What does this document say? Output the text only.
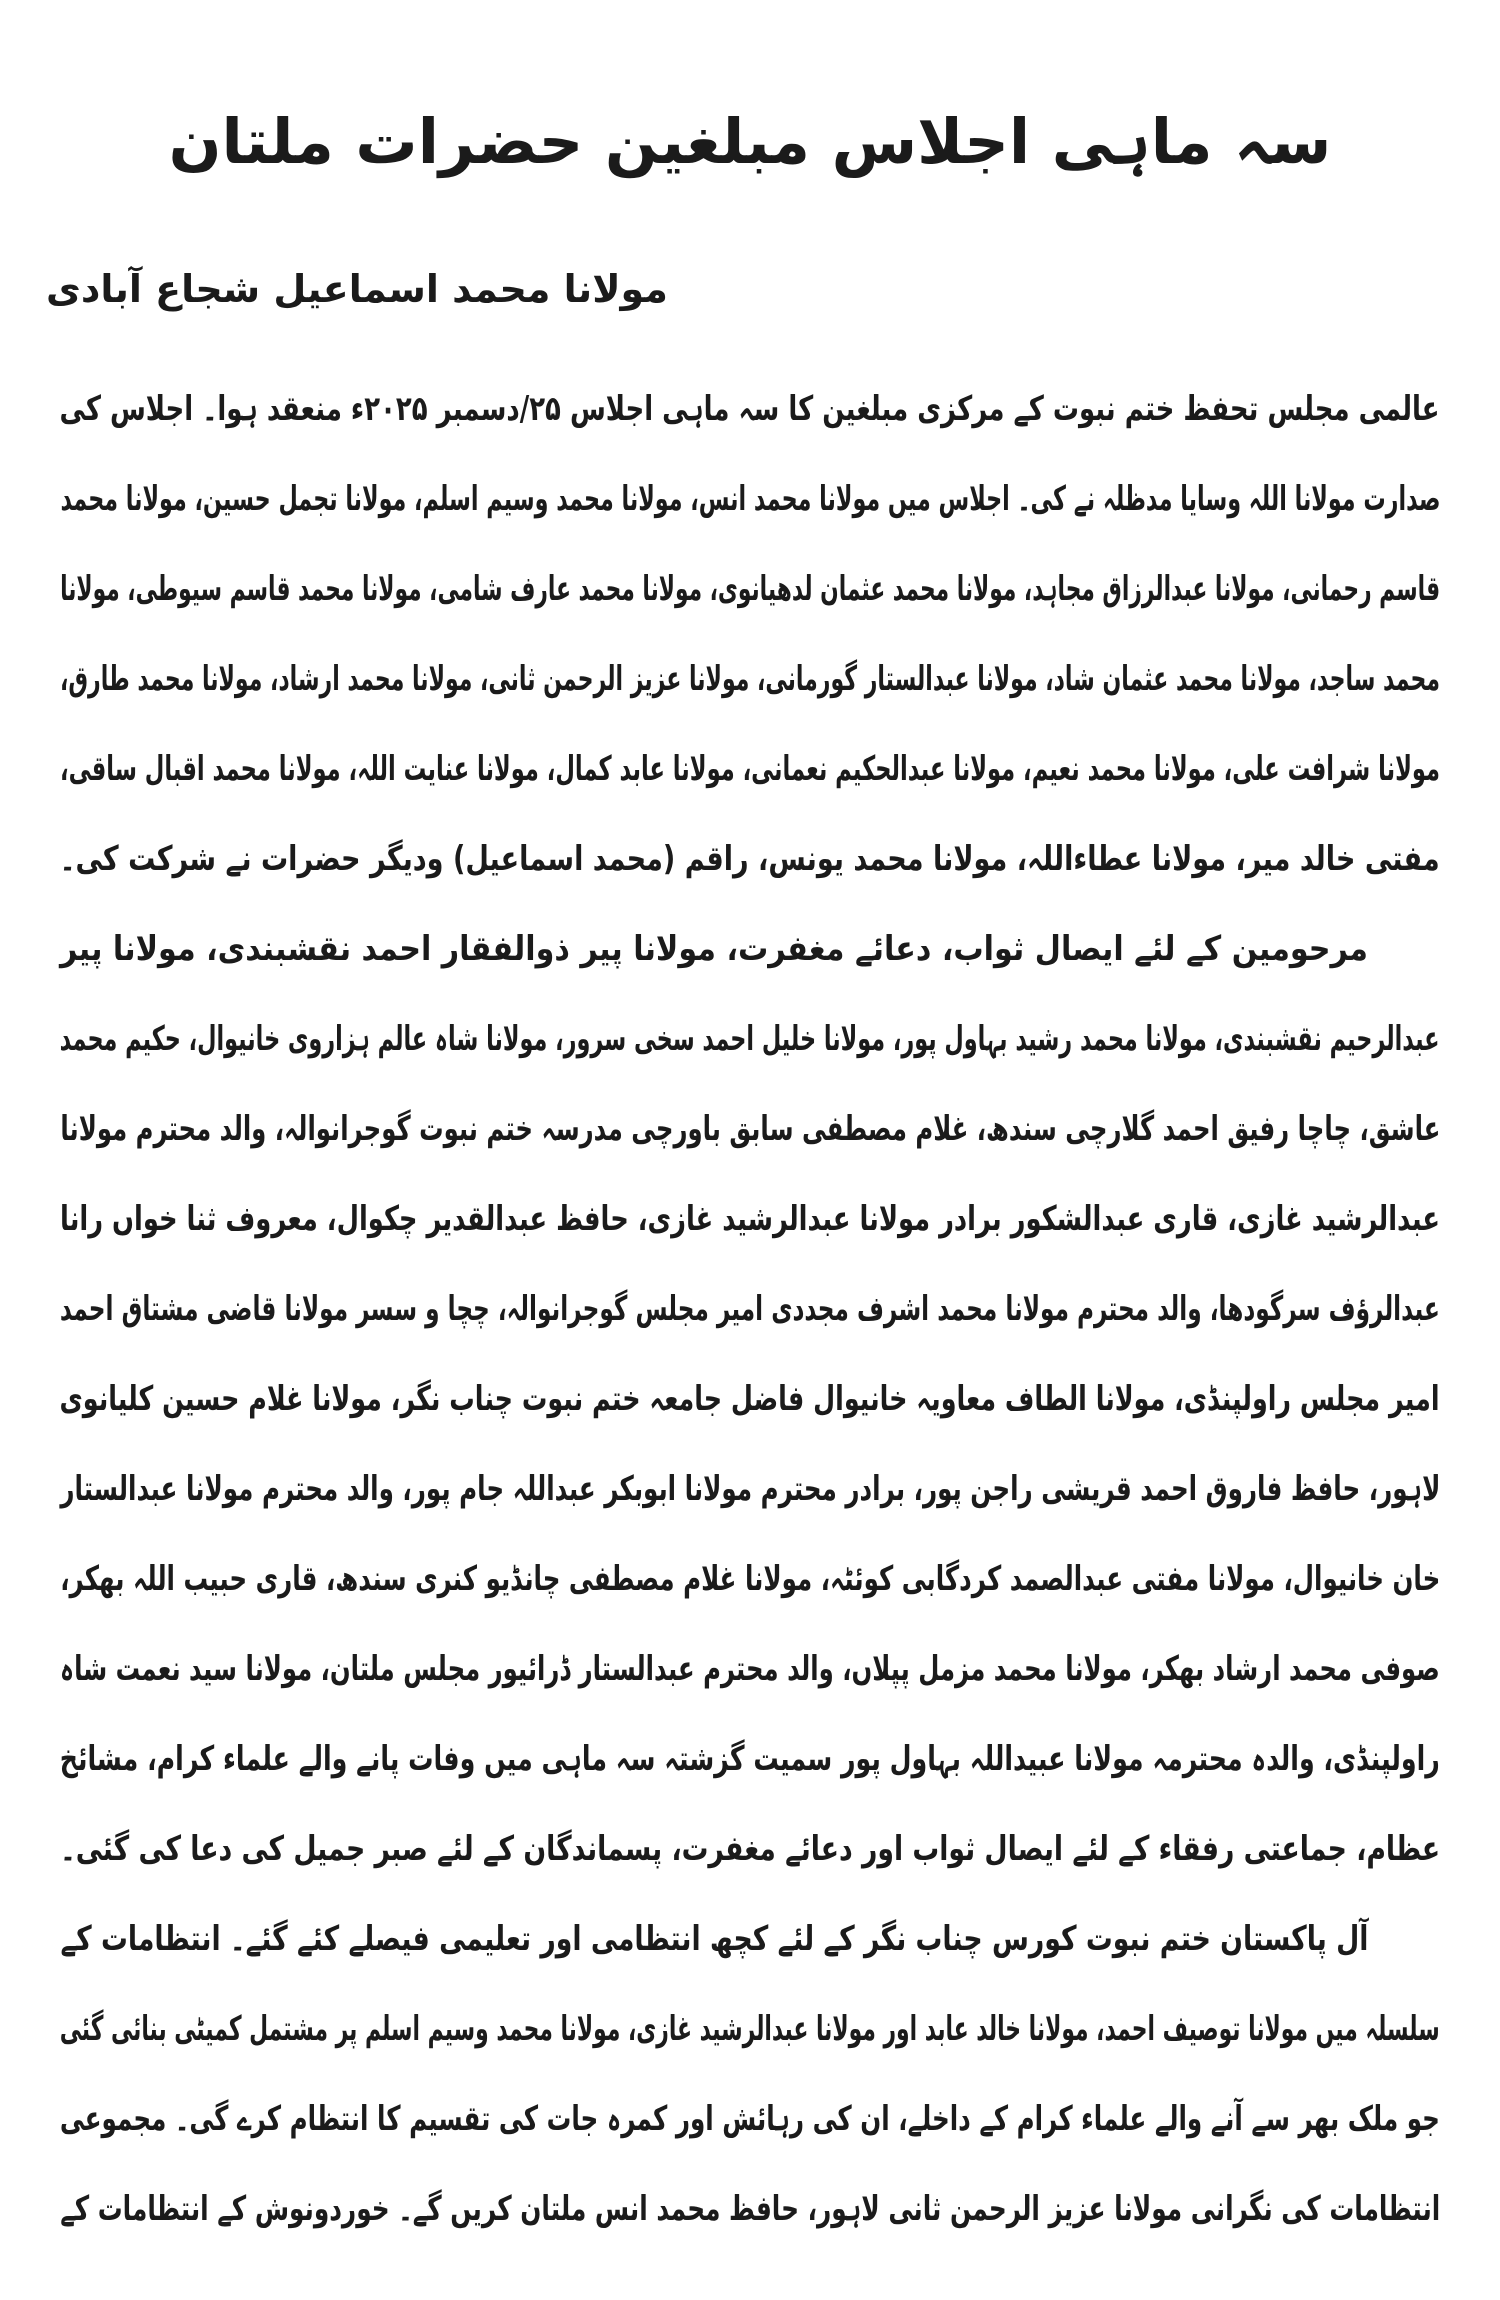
سہ ماہی اجلاس مبلغین حضرات ملتان
مولانا محمد اسماعیل شجاع آبادی
عالمی مجلس تحفظ ختم نبوت کے مرکزی مبلغین کا سہ ماہی اجلاس ۲۵/دسمبر ۲۰۲۵ء منعقد ہوا۔ اجلاس کی
صدارت مولانا اللہ وسایا مدظلہ نے کی۔ اجلاس میں مولانا محمد انس، مولانا محمد وسیم اسلم، مولانا تجمل حسین، مولانا محمد
قاسم رحمانی، مولانا عبدالرزاق مجاہد، مولانا محمد عثمان لدھیانوی، مولانا محمد عارف شامی، مولانا محمد قاسم سیوطی، مولانا
محمد ساجد، مولانا محمد عثمان شاد، مولانا عبدالستار گورمانی، مولانا عزیز الرحمن ثانی، مولانا محمد ارشاد، مولانا محمد طارق،
مولانا شرافت علی، مولانا محمد نعیم، مولانا عبدالحکیم نعمانی، مولانا عابد کمال، مولانا عنایت اللہ، مولانا محمد اقبال ساقی،
مفتی خالد میر، مولانا عطاءاللہ، مولانا محمد یونس، راقم (محمد اسماعیل) ودیگر حضرات نے شرکت کی۔
مرحومین کے لئے ایصال ثواب، دعائے مغفرت، مولانا پیر ذوالفقار احمد نقشبندی، مولانا پیر
عبدالرحیم نقشبندی، مولانا محمد رشید بہاول پور، مولانا خلیل احمد سخی سرور، مولانا شاہ عالم ہزاروی خانیوال، حکیم محمد
عاشق، چاچا رفیق احمد گلارچی سندھ، غلام مصطفی سابق باورچی مدرسہ ختم نبوت گوجرانوالہ، والد محترم مولانا
عبدالرشید غازی، قاری عبدالشکور برادر مولانا عبدالرشید غازی، حافظ عبدالقدیر چکوال، معروف ثنا خواں رانا
عبدالرؤف سرگودھا، والد محترم مولانا محمد اشرف مجددی امیر مجلس گوجرانوالہ، چچا و سسر مولانا قاضی مشتاق احمد
امیر مجلس راولپنڈی، مولانا الطاف معاویہ خانیوال فاضل جامعہ ختم نبوت چناب نگر، مولانا غلام حسین کلیانوی
لاہور، حافظ فاروق احمد قریشی راجن پور، برادر محترم مولانا ابوبکر عبداللہ جام پور، والد محترم مولانا عبدالستار
خان خانیوال، مولانا مفتی عبدالصمد کردگابی کوئٹہ، مولانا غلام مصطفی چانڈیو کنری سندھ، قاری حبیب اللہ بھکر،
صوفی محمد ارشاد بھکر، مولانا محمد مزمل پپلاں، والد محترم عبدالستار ڈرائیور مجلس ملتان، مولانا سید نعمت شاہ
راولپنڈی، والدہ محترمہ مولانا عبیداللہ بہاول پور سمیت گزشتہ سہ ماہی میں وفات پانے والے علماء کرام، مشائخ
عظام، جماعتی رفقاء کے لئے ایصال ثواب اور دعائے مغفرت، پسماندگان کے لئے صبر جمیل کی دعا کی گئی۔
آل پاکستان ختم نبوت کورس چناب نگر کے لئے کچھ انتظامی اور تعلیمی فیصلے کئے گئے۔ انتظامات کے
سلسلہ میں مولانا توصیف احمد، مولانا خالد عابد اور مولانا عبدالرشید غازی، مولانا محمد وسیم اسلم پر مشتمل کمیٹی بنائی گئی
جو ملک بھر سے آنے والے علماء کرام کے داخلے، ان کی رہائش اور کمرہ جات کی تقسیم کا انتظام کرے گی۔ مجموعی
انتظامات کی نگرانی مولانا عزیز الرحمن ثانی لاہور، حافظ محمد انس ملتان کریں گے۔ خوردونوش کے انتظامات کے
